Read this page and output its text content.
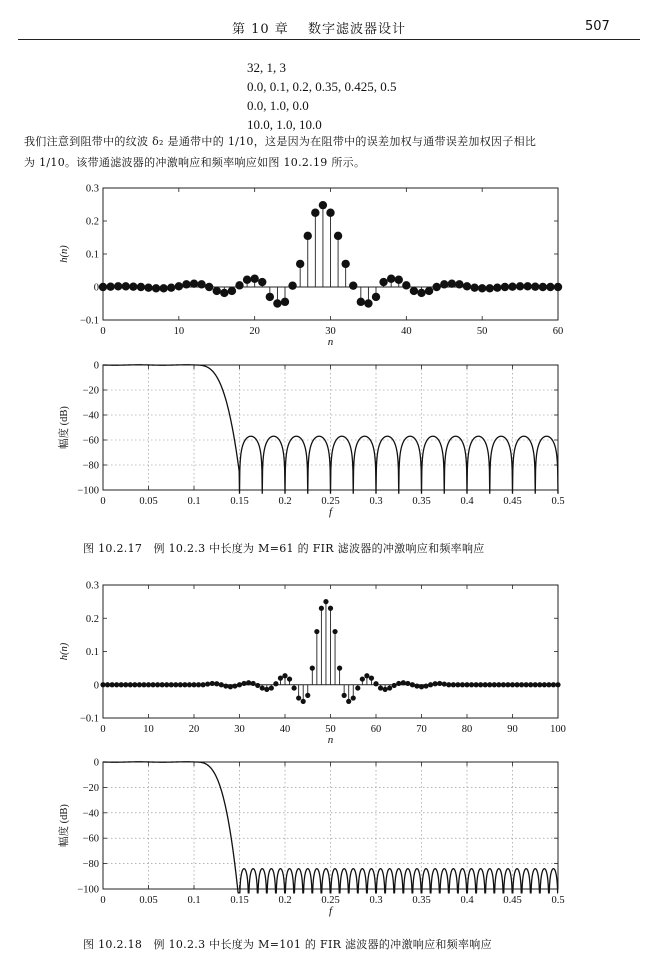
第 10 章　 数字滤波器设计	507
32, 1, 3
0.0, 0.1, 0.2, 0.35, 0.425, 0.5
0.0, 1.0, 0.0
10.0, 1.0, 10.0
我们注意到阻带中的纹波 δ₂ 是通带中的 1/10，这是因为在阻带中的误差加权与通带误差加权因子相比
为 1/10。该带通滤波器的冲激响应和频率响应如图 10.2.19 所示。
0	10	20	30	40	50	60
−0.1
0
0.1
0.2
0.3
n
h(n)
0	0.05	0.1	0.15	0.2	0.25	0.3	0.35	0.4	0.45	0.5
0
−20
−40
−60
−80
−100
f
幅度 (dB)
图 10.2.17　例 10.2.3 中长度为 M=61 的 FIR 滤波器的冲激响应和频率响应
0	10	20	30	40	50	60	70	80	90	100
−0.1
0
0.1
0.2
0.3
n
h(n)
0	0.05	0.1	0.15	0.2	0.25	0.3	0.35	0.4	0.45	0.5
0
−20
−40
−60
−80
−100
f
幅度 (dB)
图 10.2.18　例 10.2.3 中长度为 M=101 的 FIR 滤波器的冲激响应和频率响应
